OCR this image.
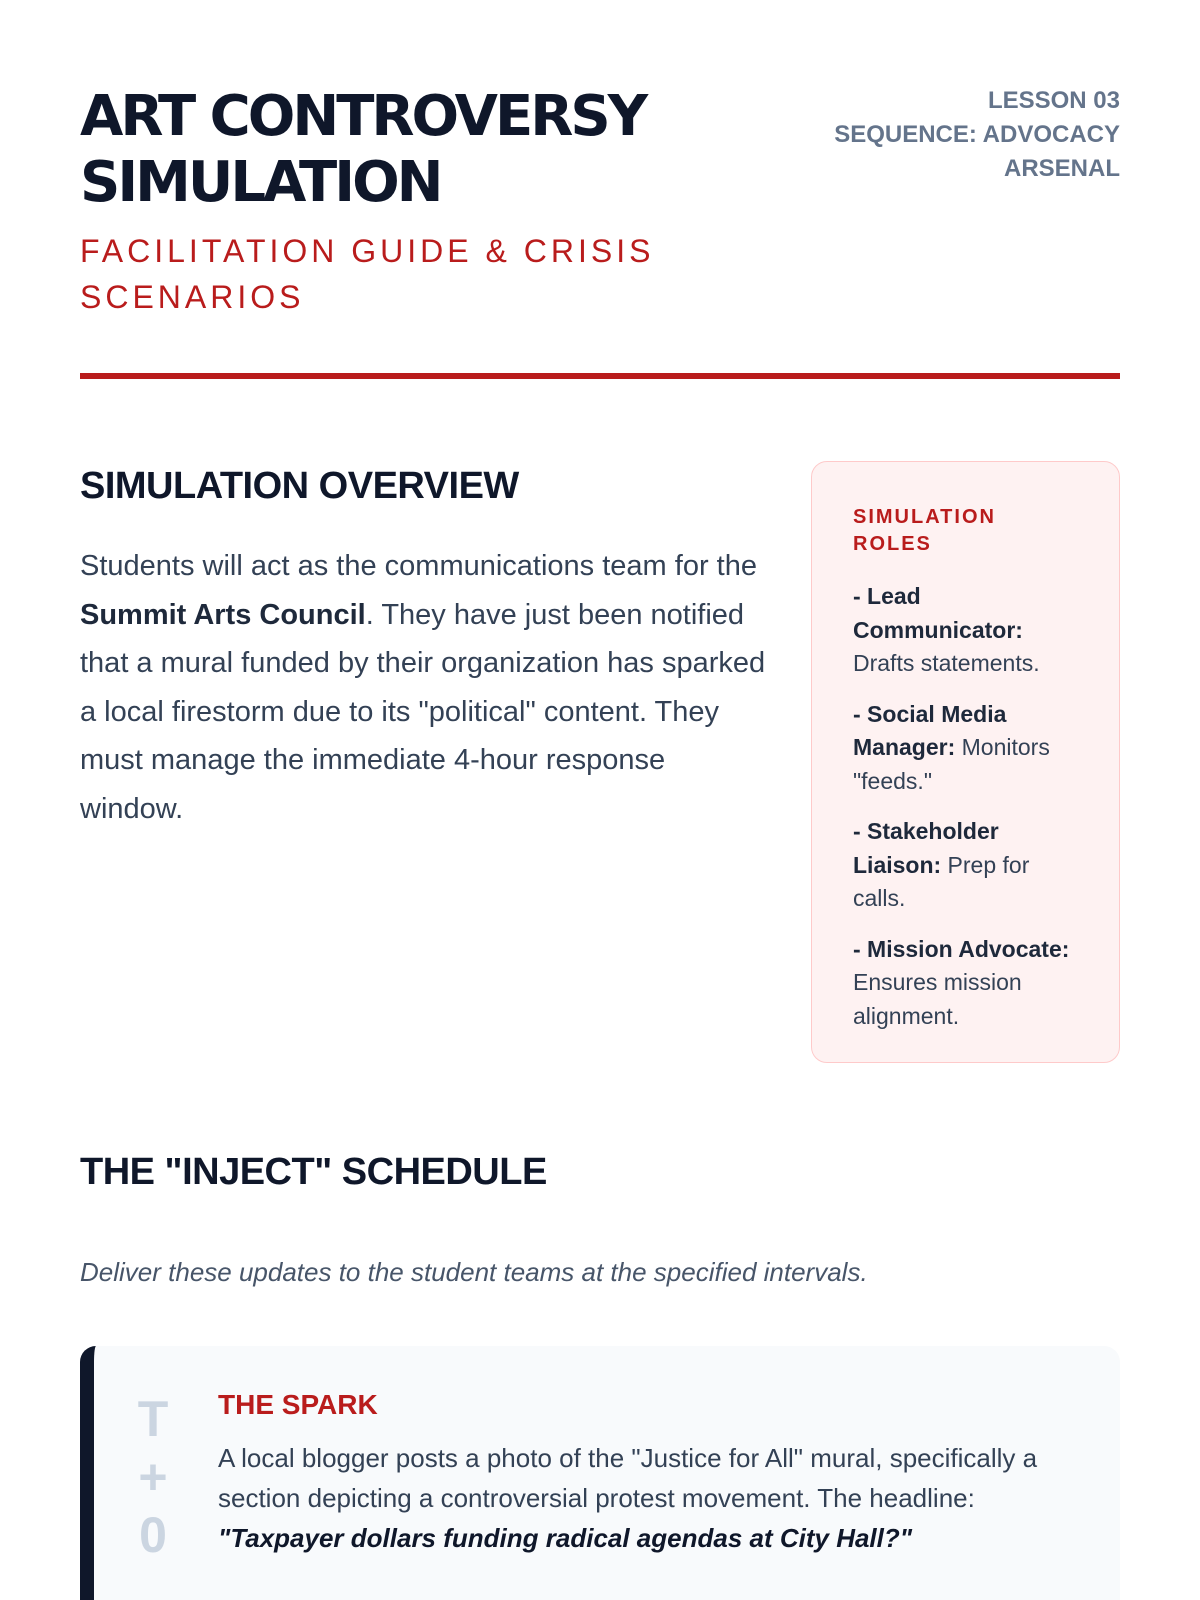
ART CONTROVERSY
SIMULATION
FACILITATION GUIDE & CRISIS SCENARIOS
LESSON 03
SEQUENCE: ADVOCACY ARSENAL
SIMULATION OVERVIEW

Students will act as the communications team for the Summit Arts Council. They have just been notified that a mural funded by their organization has sparked a local firestorm due to its "political" content. They must manage the immediate 4-hour response window.

SIMULATION ROLES
- Lead Communicator: Drafts statements.
- Social Media Manager: Monitors "feeds."
- Stakeholder Liaison: Prep for calls.
- Mission Advocate: Ensures mission alignment.
THE "INJECT" SCHEDULE

Deliver these updates to the student teams at the specified intervals.

T
+
0
THE SPARK

A local blogger posts a photo of the "Justice for All" mural, specifically a section depicting a controversial protest movement. The headline: "Taxpayer dollars funding radical agendas at City Hall?"
